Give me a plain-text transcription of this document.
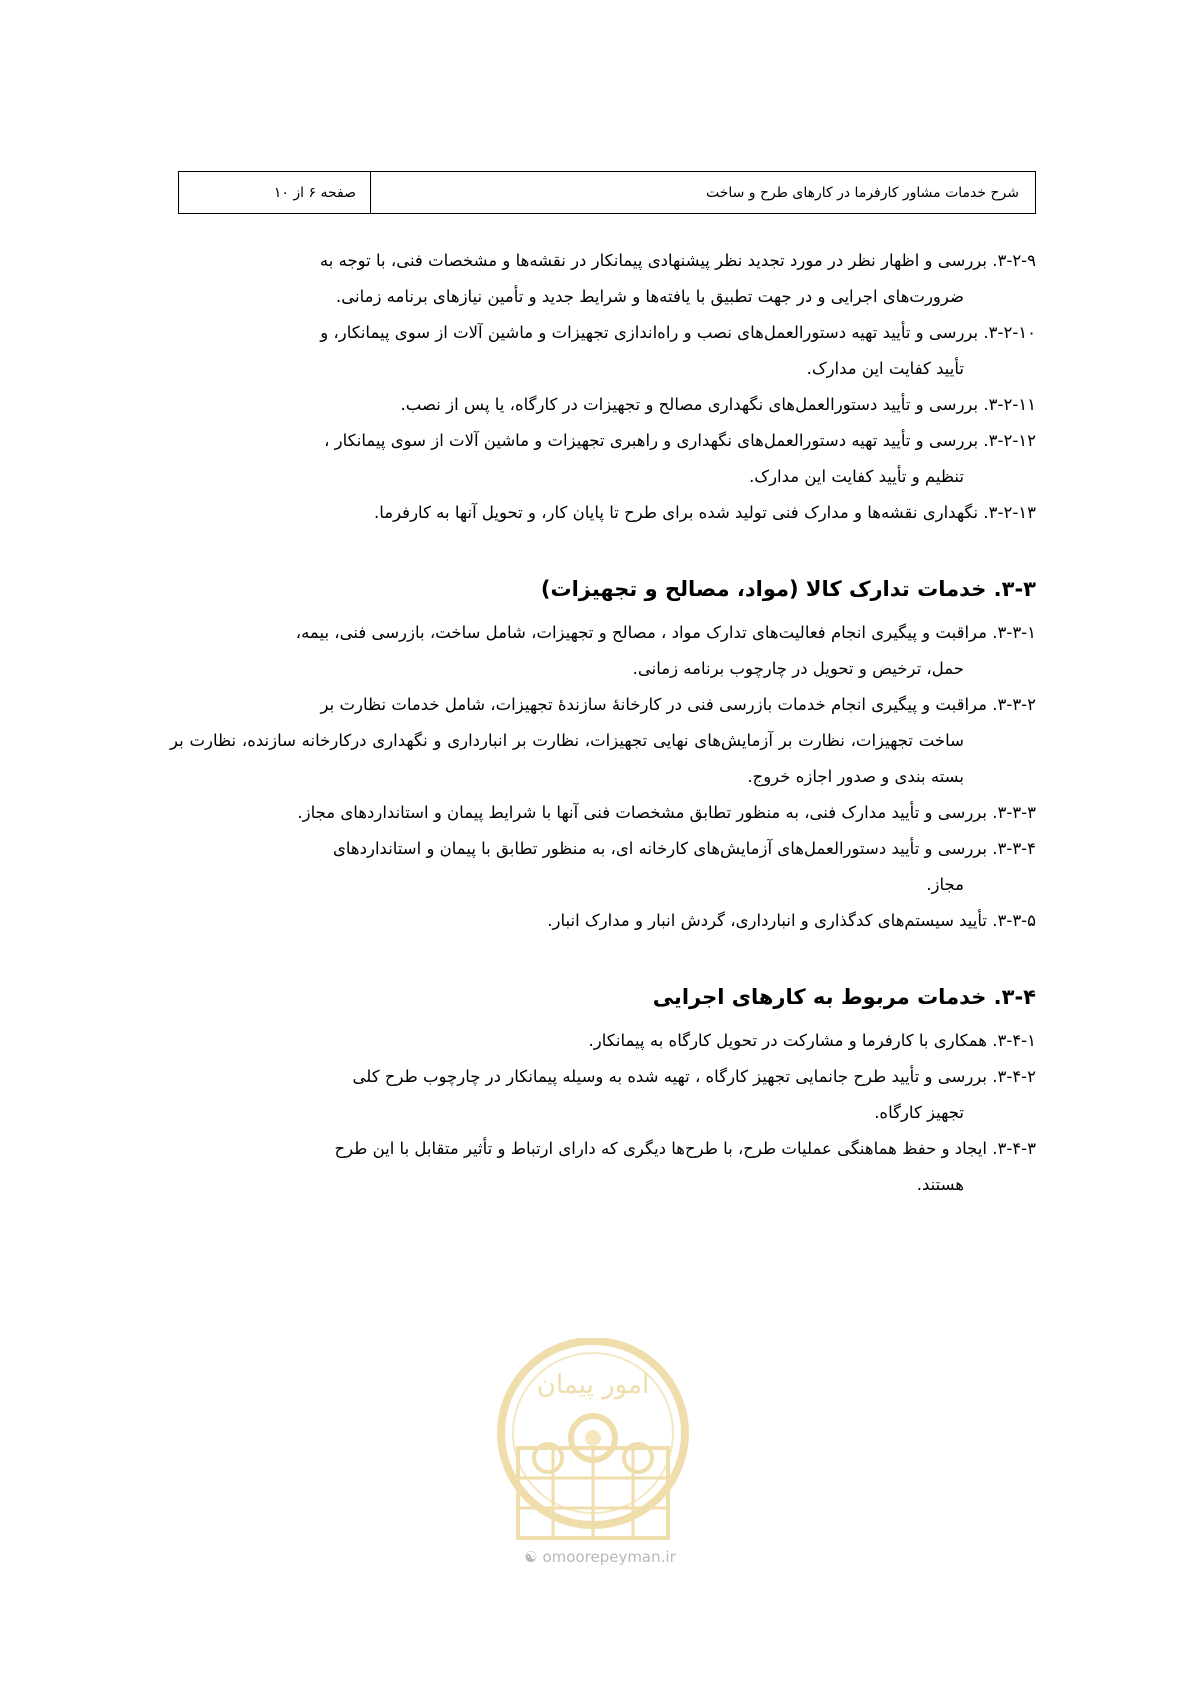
شرح خدمات مشاور کارفرما در کارهای طرح و ساخت
صفحه ۶ از ۱۰
۳-۲-۹. بررسی و اظهار نظر در مورد تجدید نظر پیشنهادی پیمانکار در نقشه‌ها و مشخصات فنی، با توجه به
ضرورت‌های اجرایی و در جهت تطبیق با یافته‌ها و شرایط جدید و تأمین نیازهای برنامه زمانی.
۳-۲-۱۰. بررسی و تأیید تهیه دستورالعمل‌های نصب و راه‌اندازی تجهیزات و ماشین آلات از سوی پیمانکار، و
تأیید کفایت این مدارک.
۳-۲-۱۱. بررسی و تأیید دستورالعمل‌های نگهداری مصالح و تجهیزات در کارگاه، یا پس از نصب.
۳-۲-۱۲. بررسی و تأیید تهیه دستورالعمل‌های نگهداری و راهبری تجهیزات و ماشین آلات از سوی پیمانکار ،
تنظیم و تأیید کفایت این مدارک.
۳-۲-۱۳. نگهداری نقشه‌ها و مدارک فنی تولید شده برای طرح تا پایان کار، و تحویل آنها به کارفرما.
۳-۳. خدمات تدارک کالا (مواد، مصالح و تجهیزات)
۳-۳-۱. مراقبت و پیگیری انجام فعالیت‌های تدارک مواد ، مصالح و تجهیزات، شامل ساخت، بازرسی فنی، بیمه،
حمل، ترخیص و تحویل در چارچوب برنامه زمانی.
۳-۳-۲. مراقبت و پیگیری انجام خدمات بازرسی فنی در کارخانهٔ سازندهٔ تجهیزات، شامل خدمات نظارت بر
ساخت تجهیزات، نظارت بر آزمایش‌های نهایی تجهیزات، نظارت بر انبارداری و نگهداری درکارخانه سازنده، نظارت بر بسته بندی و صدور اجازه خروج.
۳-۳-۳. بررسی و تأیید مدارک فنی، به منظور تطابق مشخصات فنی آنها با شرایط پیمان و استانداردهای مجاز.
۳-۳-۴. بررسی و تأیید دستورالعمل‌های آزمایش‌های کارخانه ای، به منظور تطابق با پیمان و استانداردهای
مجاز.
۳-۳-۵. تأیید سیستم‌های کدگذاری و انبارداری، گردش انبار و مدارک انبار.
۳-۴. خدمات مربوط به کارهای اجرایی
۳-۴-۱. همکاری با کارفرما و مشارکت در تحویل کارگاه به پیمانکار.
۳-۴-۲. بررسی و تأیید طرح جانمایی تجهیز کارگاه ، تهیه شده به وسیله پیمانکار در چارچوب طرح کلی
تجهیز کارگاه.
۳-۴-۳. ایجاد و حفظ هماهنگی عملیات طرح، با طرح‌ها دیگری که دارای ارتباط و تأثیر متقابل با این طرح
هستند.
امور پیمان
☯ omoorepeyman.ir
